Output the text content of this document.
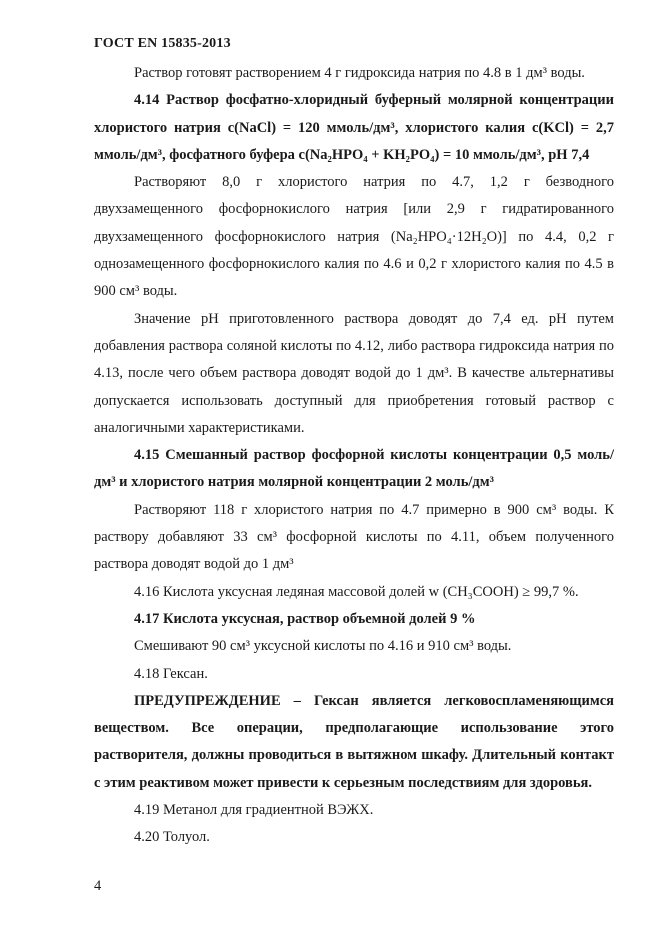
ГОСТ EN 15835-2013

Раствор готовят растворением 4 г гидроксида натрия по 4.8 в 1 дм³ воды.

4.14 Раствор фосфатно-хлоридный буферный молярной концентрации хлористого натрия c(NaCl) = 120 ммоль/дм³, хлористого калия c(KCl) = 2,7 ммоль/дм³, фосфатного буфера c(Na₂HPO₄ + KH₂PO₄) = 10 ммоль/дм³, pH 7,4

Растворяют 8,0 г хлористого натрия по 4.7, 1,2 г безводного двухзамещенного фосфорнокислого натрия [или 2,9 г гидратированного двухзамещенного фосфорнокислого натрия (Na₂HPO₄·12H₂O)] по 4.4, 0,2 г однозамещенного фосфорнокислого калия по 4.6 и 0,2 г хлористого калия по 4.5 в 900 см³ воды.

Значение pH приготовленного раствора доводят до 7,4 ед. pH путем добавления раствора соляной кислоты по 4.12, либо раствора гидроксида натрия по 4.13, после чего объем раствора доводят водой до 1 дм³. В качестве альтернативы допускается использовать доступный для приобретения готовый раствор с аналогичными характеристиками.

4.15 Смешанный раствор фосфорной кислоты концентрации 0,5 моль/дм³ и хлористого натрия молярной концентрации 2 моль/дм³

Растворяют 118 г хлористого натрия по 4.7 примерно в 900 см³ воды. К раствору добавляют 33 см³ фосфорной кислоты по 4.11, объем полученного раствора доводят водой до 1 дм³

4.16 Кислота уксусная ледяная массовой долей w (CH₃COOH) ≥ 99,7 %.

4.17 Кислота уксусная, раствор объемной долей 9 %

Смешивают 90 см³ уксусной кислоты по 4.16 и 910 см³ воды.

4.18 Гексан.

ПРЕДУПРЕЖДЕНИЕ – Гексан является легковоспламеняющимся веществом. Все операции, предполагающие использование этого растворителя, должны проводиться в вытяжном шкафу. Длительный контакт с этим реактивом может привести к серьезным последствиям для здоровья.

4.19 Метанол для градиентной ВЭЖХ.

4.20 Толуол.

4
